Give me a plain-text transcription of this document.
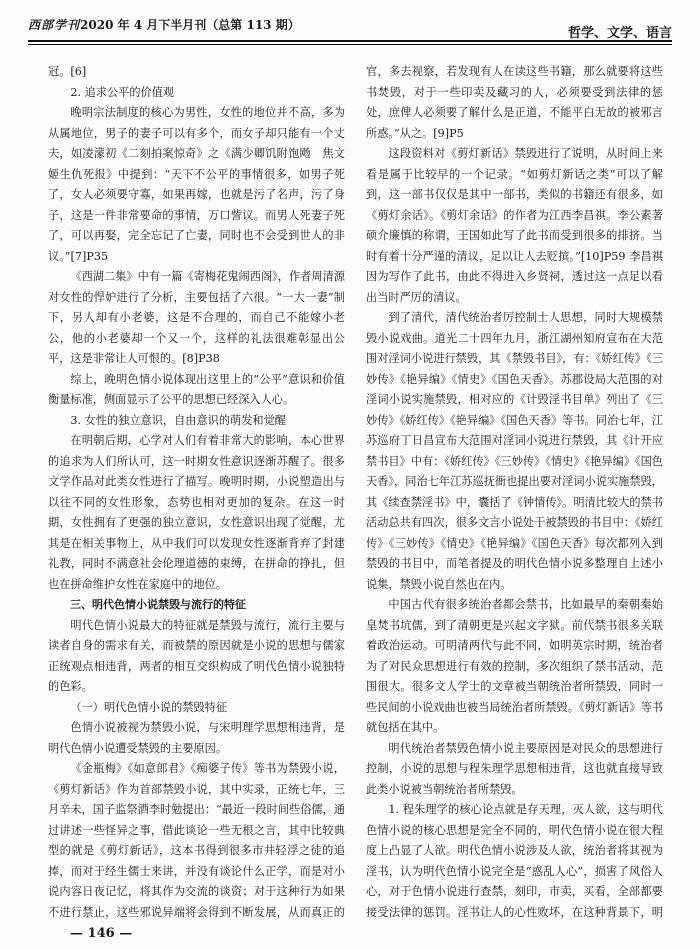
西部学刊2020 年 4 月下半月刊（总第 113 期）
哲学、文学、语言

冠。[6]

2. 追求公平的价值观

晚明宗法制度的核心为男性，女性的地位并不高，多为从属地位，男子的妻子可以有多个，而女子却只能有一个丈夫，如凌濛初《二刻拍案惊奇》之《满少卿饥附饱飏　焦文姬生仇死报》中提到：“天下不公平的事情很多，如男子死了，女人必须要守寡，如果再嫁，也就是污了名声，污了身子，这是一件非常要命的事情，万口訾议。而男人死妻子死了，可以再娶，完全忘记了亡妻，同时也不会受到世人的非议。”[7]P35

《西湖二集》中有一篇《寄梅花鬼闹西阁》，作者周清源对女性的悍妒进行了分析，主要包括了六很。“一大一妻”制下，另人却有小老婆，这是不合理的，而自己不能嫁小老公，他的小老婆却一个又一个，这样的礼法很难彰显出公平，这是非常让人可恨的。[8]P38

综上，晚明色情小说体现出这里上的“公平”意识和价值衡量标准，侧面显示了公平的思想已经深入人心。

3. 女性的独立意识，自由意识的萌发和觉醒

在明朝后期，心学对人们有着非常大的影响，本心世界的追求为人们所认可，这一时期女性意识逐渐苏醒了。很多文学作品对此类女性进行了描写。晚明时期，小说塑造出与以往不同的女性形象，态势也相对更加的复杂。在这一时期，女性拥有了更强的独立意识，女性意识出现了觉醒，尤其是在相关事物上，从中我们可以发现女性逐渐背弃了封建礼教，同时不满意社会伦理道德的束缚，在拼命的挣扎，但也在拼命维护女性在家庭中的地位。

三、明代色情小说禁毁与流行的特征

明代色情小说最大的特征就是禁毁与流行，流行主要与读者自身的需求有关，而被禁的原因就是小说的思想与儒家正统观点相违背，两者的相互交织构成了明代色情小说独特的色彩。

（一）明代色情小说的禁毁特征

色情小说被视为禁毁小说，与宋明理学思想相违背，是明代色情小说遭受禁毁的主要原因。

《金瓶梅》《如意郎君》《痴婆子传》等书为禁毁小说，《剪灯新话》作为首部禁毁小说，其中实录，正统七年，三月辛未，国子监祭酒李时勉提出：“最近一段时间些俗儒，通过讲述一些怪异之事，借此谈论一些无根之言，其中比较典型的就是《剪灯新话》，这本书得到很多市井轻浮之徒的追捧，而对于经生儒士来讲，并没有谈论什么正学，而是对小说内容日夜记忆，将其作为交流的谈资；对于这种行为如果不进行禁止，这些邪说异端将会得到不断发展，从而真正的

官，多去视察，若发现有人在读这些书籍，那么就要将这些书焚毁，对于一些印卖及藏习的人，必须要受到法律的惩处，庶俾人必须要了解什么是正道，不能平白无故的被邪言所惑。”从之。[9]P5

这段资料对《剪灯新话》禁毁进行了说明，从时间上来看是属于比较早的一个记录。“如剪灯新话之类”可以了解到，这一部书仅仅是其中一部书，类似的书籍还有很多，如《剪灯余话》。《剪灯余话》的作者为江西李昌祺。李公素著硕介廉慎的称谓，王国如此写了此书而受到很多的排挤。当时有着十分严谨的清议，足以让人去贬摈。”[10]P59 李昌祺因为写作了此书，由此不得进入乡贤祠，透过这一点足以看出当时严厉的清议。

到了清代，清代统治者厉控制士人思想，同时大规模禁毁小说戏曲。道光二十四年九月，浙江湖州知府宣布在大范围对淫词小说进行禁毁，其《禁毁书目》，有：《娇红传》《三妙传》《艳异编》《情史》《国色天香》。苏郡设局大范围的对淫词小说实施禁毁，相对应的《计毁淫书目单》列出了《三妙传》《娇红传》《艳异编》《国色天香》等书。同治七年，江苏巡府丁日昌宣布大范围对淫词小说进行禁毁，其《计开应禁书目》中有：《娇红传》《三妙传》《情史》《艳异编》《国色天香》，同治七年江苏巡抚衙也提出要对淫词小说实施禁毁，其《续查禁淫书》中，囊括了《钟情传》。明清比较大的禁书活动总共有四次，很多文言小说处于被禁毁的书目中：《娇红传》《三妙传》《情史》《艳异编》《国色天香》每次都列入到禁毁的书目中，而笔者提及的明代色情小说多整理自上述小说集，禁毁小说自然也在内。

中国古代有很多统治者都会禁书，比如最早的秦朝秦始皇焚书坑儒，到了清朝更是兴起文字狱。前代禁书很多关联着政治运动。可明清两代与此不同，如明英宗时期，统治者为了对民众思想进行有效的控制，多次组织了禁书活动，范围很大。很多文人学士的文章被当朝统治者所禁毁，同时一些民间的小说戏曲也被当局统治者所禁毁。《剪灯新话》等书就包括在其中。

明代统治者禁毁色情小说主要原因是对民众的思想进行控制，小说的思想与程朱理学思想相违背，这也就直接导致此类小说被当朝统治者所禁毁。

1. 程朱理学的核心论点就是存天理，灭人欲，这与明代色情小说的核心思想是完全不同的，明代色情小说在很大程度上凸显了人欲。明代色情小说涉及人欲，统治者将其视为淫书，认为明代色情小说完全是“惑乱人心”，损害了风俗人心，对于色情小说进行查禁，刻印，市卖，买看，全部都要接受法律的惩罚。淫书让人的心性败坏，在这种背景下，明

— 146 —
